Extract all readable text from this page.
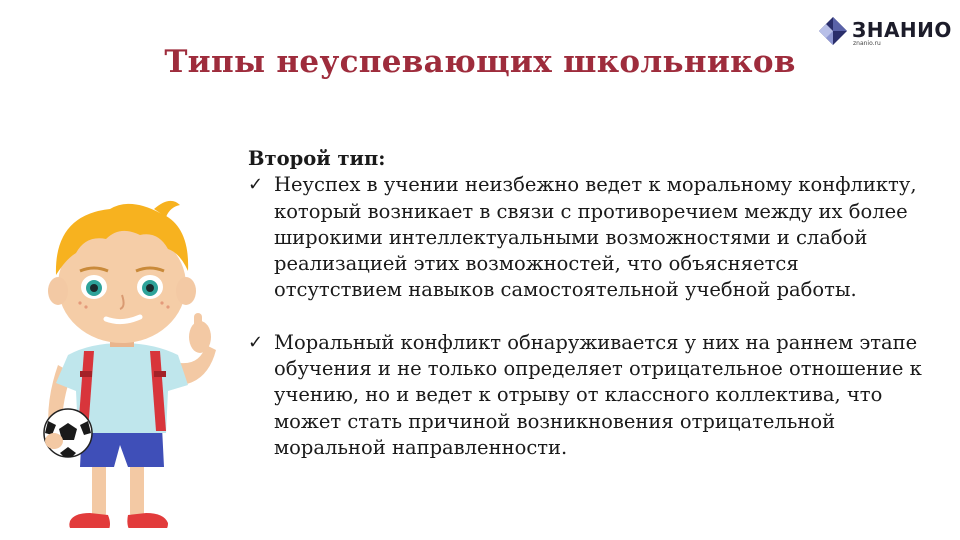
Типы неуспевающих школьников
ЗНАНИО
znanio.ru
Второй тип:
✓ Неуспех в учении неизбежно ведет к моральному конфликту, который возникает в связи с противоречием между их более широкими интеллектуальными возможностями и слабой реализацией этих возможностей, что объясняется отсутствием навыков самостоятельной учебной работы.
✓ Моральный конфликт обнаруживается у них на раннем этапе обучения и не только определяет отрицательное отношение к учению, но и ведет к отрыву от классного коллектива, что может стать причиной возникновения отрицательной моральной направленности.
